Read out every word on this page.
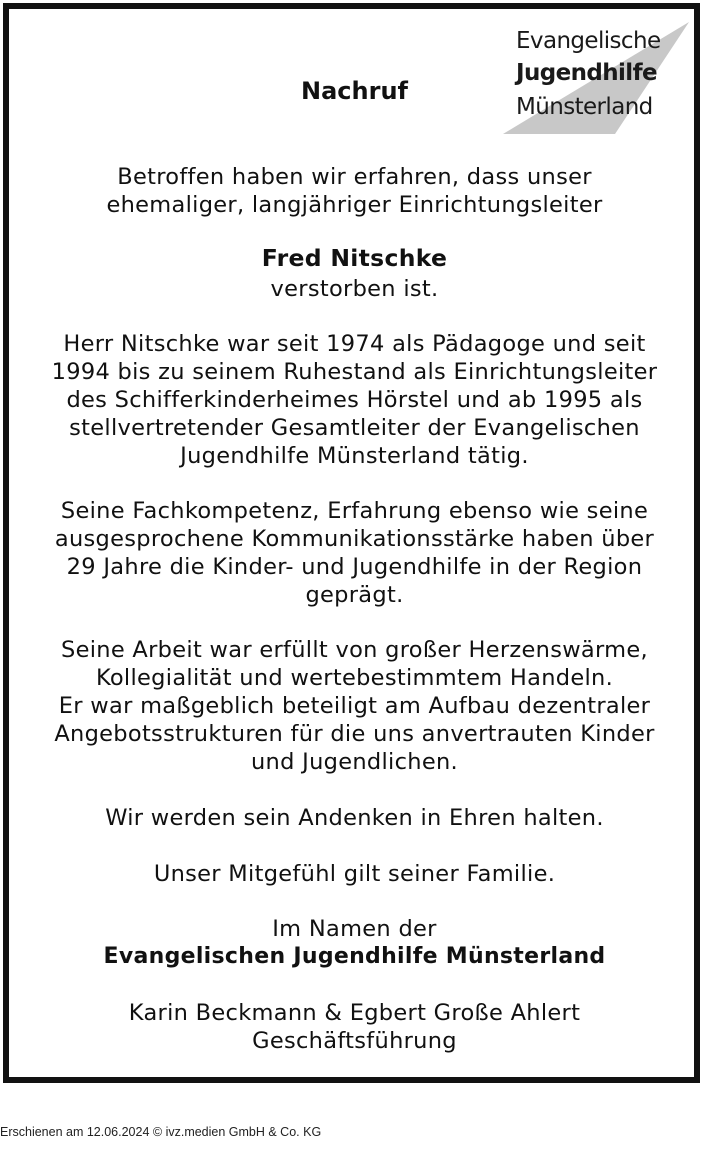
Evangelische
Jugendhilfe
Münsterland
Nachruf
Betroffen haben wir erfahren, dass unser
ehemaliger, langjähriger Einrichtungsleiter
Fred Nitschke
verstorben ist.
Herr Nitschke war seit 1974 als Pädagoge und seit
1994 bis zu seinem Ruhestand als Einrichtungsleiter
des Schifferkinderheimes Hörstel und ab 1995 als
stellvertretender Gesamtleiter der Evangelischen
Jugendhilfe Münsterland tätig.
Seine Fachkompetenz, Erfahrung ebenso wie seine
ausgesprochene Kommunikationsstärke haben über
29 Jahre die Kinder- und Jugendhilfe in der Region
geprägt.
Seine Arbeit war erfüllt von großer Herzenswärme,
Kollegialität und wertebestimmtem Handeln.
Er war maßgeblich beteiligt am Aufbau dezentraler
Angebotsstrukturen für die uns anvertrauten Kinder
und Jugendlichen.
Wir werden sein Andenken in Ehren halten.
Unser Mitgefühl gilt seiner Familie.
Im Namen der
Evangelischen Jugendhilfe Münsterland
Karin Beckmann & Egbert Große Ahlert
Geschäftsführung
Erschienen am 12.06.2024 © ivz.medien GmbH & Co. KG
